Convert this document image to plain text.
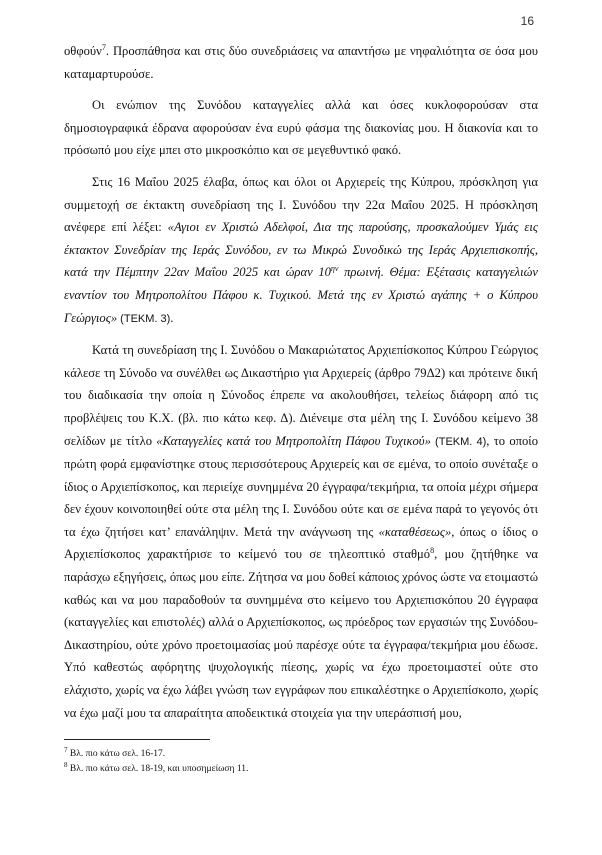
16

οθφούν$^7$. Προσπάθησα και στις δύο συνεδριάσεις να απαντήσω με νηφαλιότητα σε όσα μου καταμαρτυρούσε.

Οι ενώπιον της Συνόδου καταγγελίες αλλά και όσες κυκλοφορούσαν στα δημοσιογραφικά έδρανα αφορούσαν ένα ευρύ φάσμα της διακονίας μου. Η διακονία και το πρόσωπό μου είχε μπει στο μικροσκόπιο και σε μεγεθυντικό φακό.

Στις 16 Μαΐου 2025 έλαβα, όπως και όλοι οι Αρχιερείς της Κύπρου, πρόσκληση για συμμετοχή σε έκτακτη συνεδρίαση της Ι. Συνόδου την 22α Μαΐου 2025. Η πρόσκληση ανέφερε επί λέξει: «Αγιοι εν Χριστώ Αδελφοί, Δια της παρούσης, προσκαλούμεν Υμάς εις έκτακτον Συνεδρίαν της Ιεράς Συνόδου, εν τω Μικρώ Συνοδικώ της Ιεράς Αρχιεπισκοπής, κατά την Πέμπτην 22αν Μαΐου 2025 και ώραν $10^{\eta\nu}$ πρωινή. Θέμα: Εξέτασις καταγγελιών εναντίον του Μητροπολίτου Πάφου κ. Τυχικού. Μετά της εν Χριστώ αγάπης + ο Κύπρου Γεώργιος» (ΤΕΚΜ. 3).

Κατά τη συνεδρίαση της Ι. Συνόδου ο Μακαριώτατος Αρχιεπίσκοπος Κύπρου Γεώργιος κάλεσε τη Σύνοδο να συνέλθει ως Δικαστήριο για Αρχιερείς (άρθρο 79Δ2) και πρότεινε δική του διαδικασία την οποία η Σύνοδος έπρεπε να ακολουθήσει, τελείως διάφορη από τις προβλέψεις του Κ.Χ. (βλ. πιο κάτω κεφ. Δ). Διένειμε στα μέλη της Ι. Συνόδου κείμενο 38 σελίδων με τίτλο «Καταγγελίες κατά του Μητροπολίτη Πάφου Τυχικού» (ΤΕΚΜ. 4), το οποίο πρώτη φορά εμφανίστηκε στους περισσότερους Αρχιερείς και σε εμένα, το οποίο συνέταξε ο ίδιος ο Αρχιεπίσκοπος, και περιείχε συνημμένα 20 έγγραφα/τεκμήρια, τα οποία μέχρι σήμερα δεν έχουν κοινοποιηθεί ούτε στα μέλη της Ι. Συνόδου ούτε και σε εμένα παρά το γεγονός ότι τα έχω ζητήσει κατ’ επανάληψιν. Μετά την ανάγνωση της «καταθέσεως», όπως ο ίδιος ο Αρχιεπίσκοπος χαρακτήρισε το κείμενό του σε τηλεοπτικό σταθμό$^8$, μου ζητήθηκε να παράσχω εξηγήσεις, όπως μου είπε. Ζήτησα να μου δοθεί κάποιος χρόνος ώστε να ετοιμαστώ καθώς και να μου παραδοθούν τα συνημμένα στο κείμενο του Αρχιεπισκόπου 20 έγγραφα (καταγγελίες και επιστολές) αλλά ο Αρχιεπίσκοπος, ως πρόεδρος των εργασιών της Συνόδου-Δικαστηρίου, ούτε χρόνο προετοιμασίας μού παρέσχε ούτε τα έγγραφα/τεκμήρια μου έδωσε. Υπό καθεστώς αφόρητης ψυχολογικής πίεσης, χωρίς να έχω προετοιμαστεί ούτε στο ελάχιστο, χωρίς να έχω λάβει γνώση των εγγράφων που επικαλέστηκε ο Αρχιεπίσκοπο, χωρίς να έχω μαζί μου τα απαραίτητα αποδεικτικά στοιχεία για την υπεράσπισή μου,

$^7$ Βλ. πιο κάτω σελ. 16-17.
$^8$ Βλ. πιο κάτω σελ. 18-19, και υποσημείωση 11.
